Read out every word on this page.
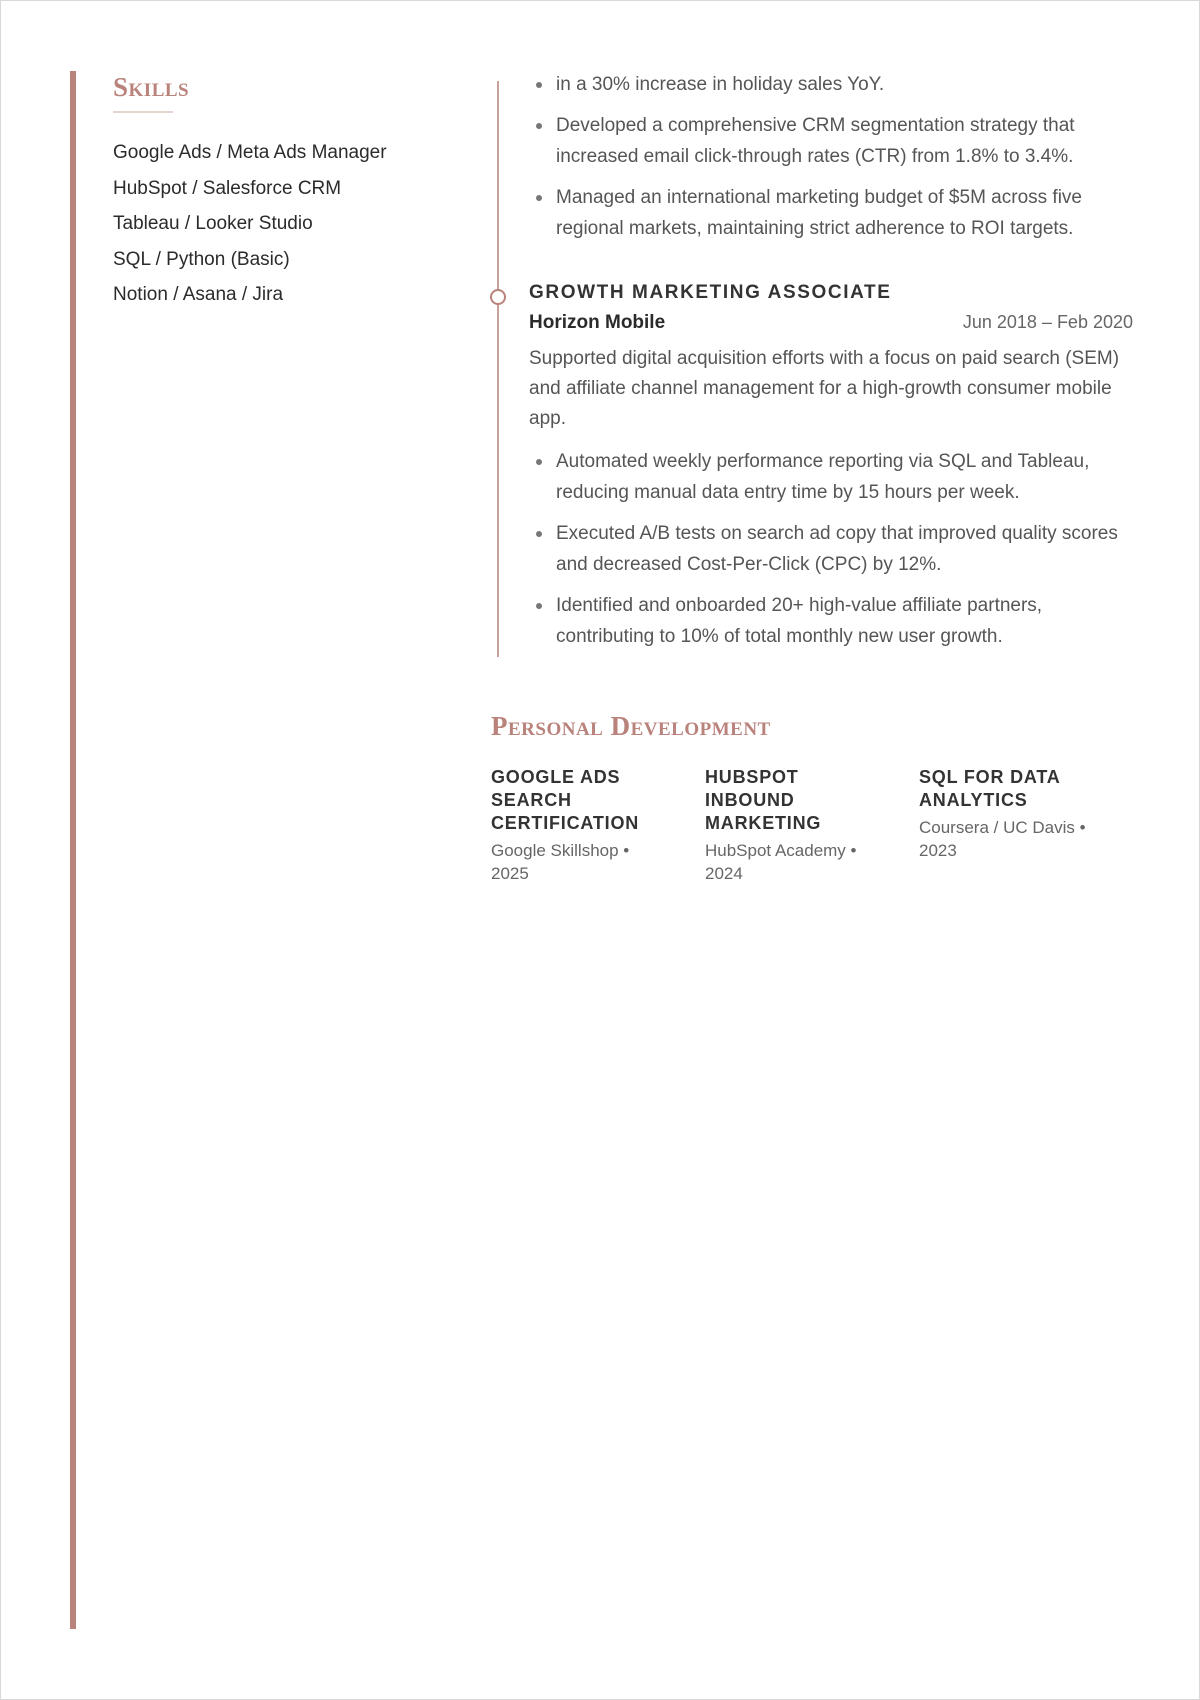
Skills
Google Ads / Meta Ads Manager
HubSpot / Salesforce CRM
Tableau / Looker Studio
SQL / Python (Basic)
Notion / Asana / Jira
in a 30% increase in holiday sales YoY.
Developed a comprehensive CRM segmentation strategy that increased email click-through rates (CTR) from 1.8% to 3.4%.
Managed an international marketing budget of $5M across five regional markets, maintaining strict adherence to ROI targets.
GROWTH MARKETING ASSOCIATE
Horizon Mobile	Jun 2018 – Feb 2020

Supported digital acquisition efforts with a focus on paid search (SEM) and affiliate channel management for a high-growth consumer mobile app.

Automated weekly performance reporting via SQL and Tableau, reducing manual data entry time by 15 hours per week.
Executed A/B tests on search ad copy that improved quality scores and decreased Cost-Per-Click (CPC) by 12%.
Identified and onboarded 20+ high-value affiliate partners, contributing to 10% of total monthly new user growth.
Personal Development
GOOGLE ADS SEARCH CERTIFICATION
Google Skillshop • 2025
HUBSPOT INBOUND MARKETING
HubSpot Academy • 2024
SQL FOR DATA ANALYTICS
Coursera / UC Davis • 2023
